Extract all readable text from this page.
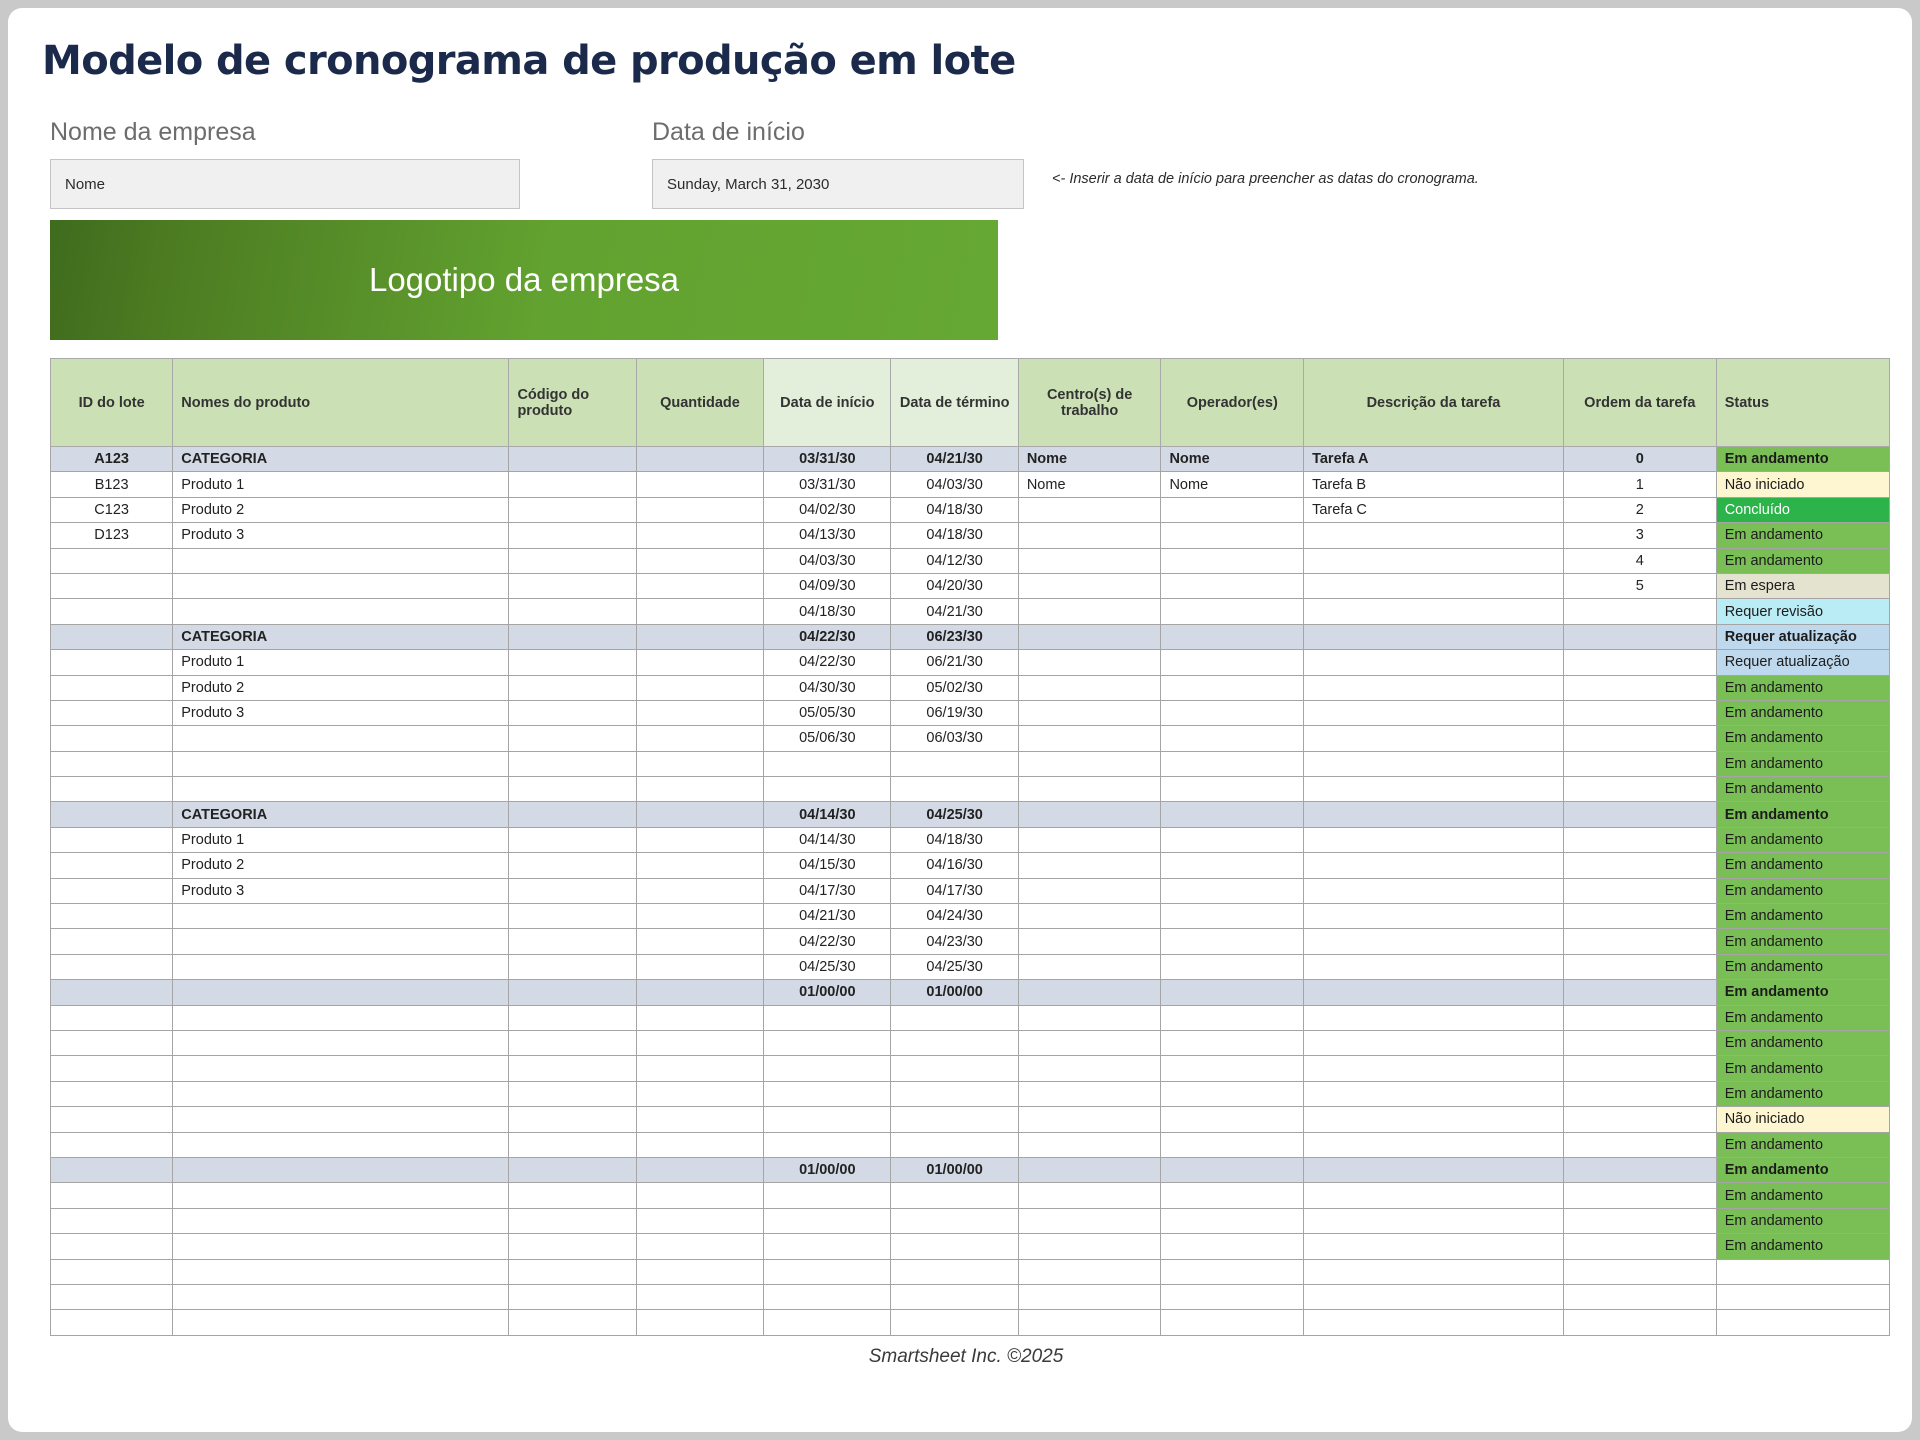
Modelo de cronograma de produção em lote
Nome da empresa
Nome
Data de início
Sunday, March 31, 2030	<- Inserir a data de início para preencher as datas do cronograma.
Logotipo da empresa
ID do lote	Nomes do produto	Código do produto	Quantidade	Data de início	Data de término	Centro(s) de trabalho	Operador(es)	Descrição da tarefa	Ordem da tarefa	Status
A123	CATEGORIA			03/31/30	04/21/30	Nome	Nome	Tarefa A	0	Em andamento
B123	Produto 1			03/31/30	04/03/30	Nome	Nome	Tarefa B	1	Não iniciado
C123	Produto 2			04/02/30	04/18/30			Tarefa C	2	Concluído
D123	Produto 3			04/13/30	04/18/30				3	Em andamento
				04/03/30	04/12/30				4	Em andamento
				04/09/30	04/20/30				5	Em espera
				04/18/30	04/21/30					Requer revisão
	CATEGORIA			04/22/30	06/23/30					Requer atualização
	Produto 1			04/22/30	06/21/30					Requer atualização
	Produto 2			04/30/30	05/02/30					Em andamento
	Produto 3			05/05/30	06/19/30					Em andamento
				05/06/30	06/03/30					Em andamento
										Em andamento
										Em andamento
	CATEGORIA			04/14/30	04/25/30					Em andamento
	Produto 1			04/14/30	04/18/30					Em andamento
	Produto 2			04/15/30	04/16/30					Em andamento
	Produto 3			04/17/30	04/17/30					Em andamento
				04/21/30	04/24/30					Em andamento
				04/22/30	04/23/30					Em andamento
				04/25/30	04/25/30					Em andamento
				01/00/00	01/00/00					Em andamento
										Em andamento
										Em andamento
										Em andamento
										Em andamento
										Não iniciado
										Em andamento
				01/00/00	01/00/00					Em andamento
										Em andamento
										Em andamento
										Em andamento

Smartsheet Inc. ©2025
